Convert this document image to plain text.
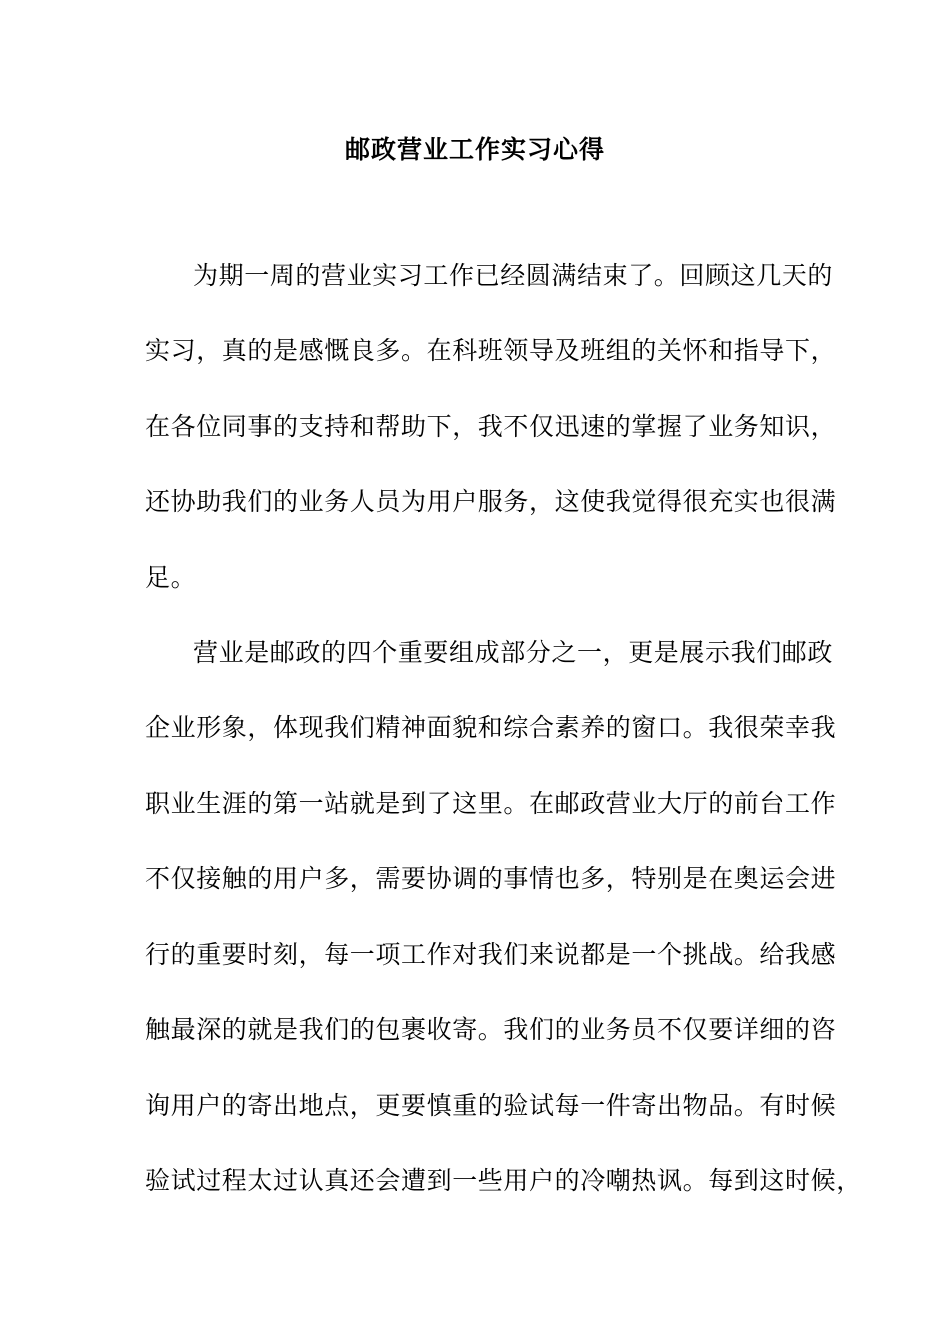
邮政营业工作实习心得
为期一周的营业实习工作已经圆满结束了。回顾这几天的
实习，真的是感慨良多。在科班领导及班组的关怀和指导下，
在各位同事的支持和帮助下，我不仅迅速的掌握了业务知识，
还协助我们的业务人员为用户服务，这使我觉得很充实也很满
足。
营业是邮政的四个重要组成部分之一，更是展示我们邮政
企业形象，体现我们精神面貌和综合素养的窗口。我很荣幸我
职业生涯的第一站就是到了这里。在邮政营业大厅的前台工作
不仅接触的用户多，需要协调的事情也多，特别是在奥运会进
行的重要时刻，每一项工作对我们来说都是一个挑战。给我感
触最深的就是我们的包裹收寄。我们的业务员不仅要详细的咨
询用户的寄出地点，更要慎重的验试每一件寄出物品。有时候
验试过程太过认真还会遭到一些用户的冷嘲热讽。每到这时候，
